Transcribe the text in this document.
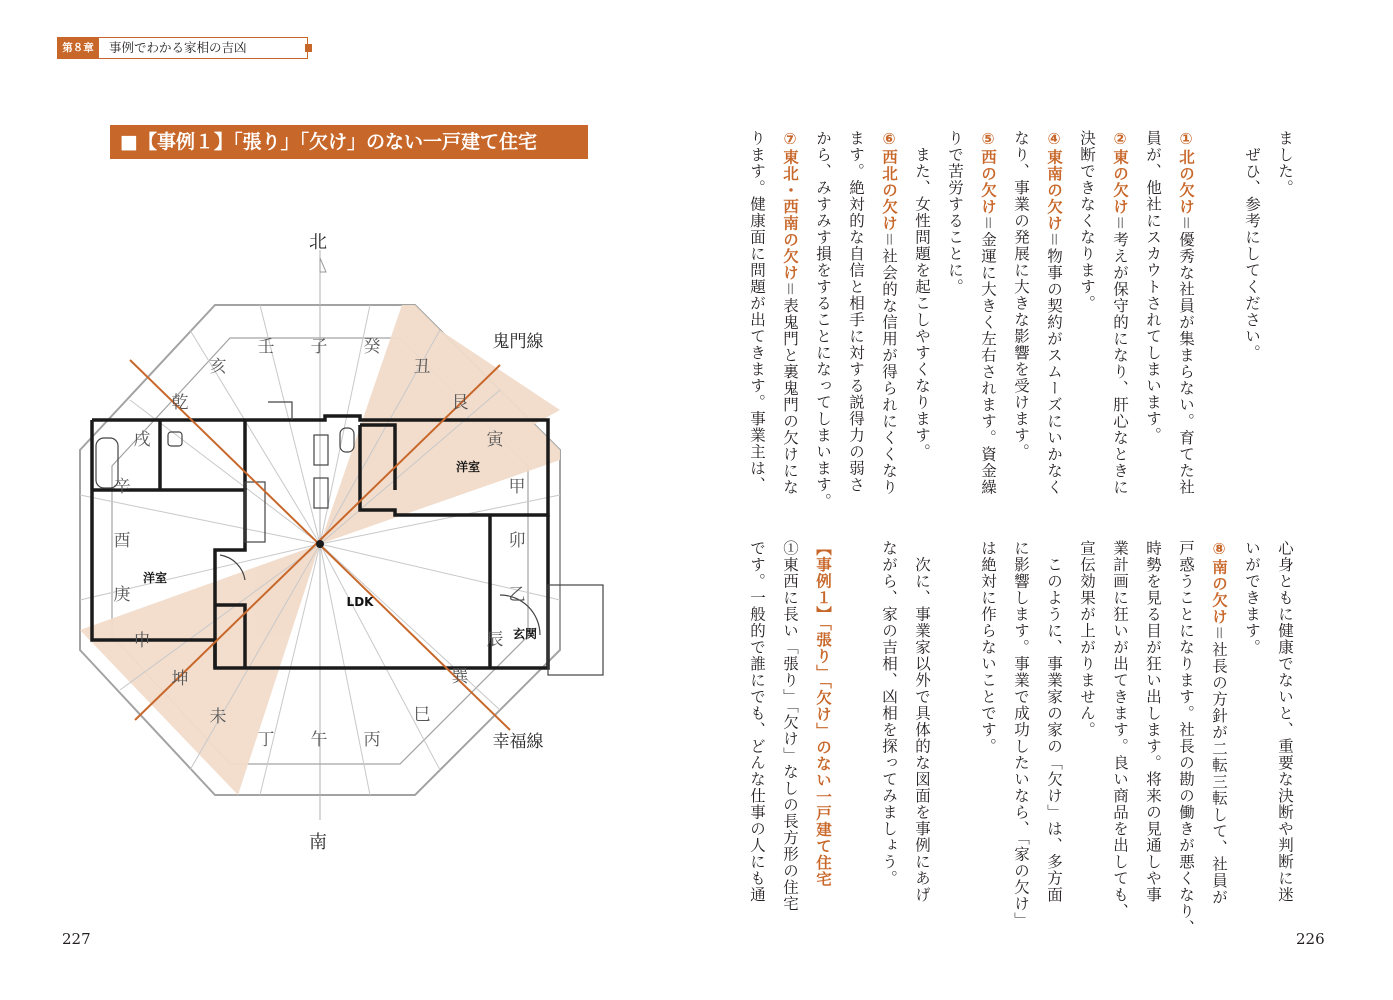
第８章	事例でわかる家相の吉凶
■【事例１】「張り」「欠け」のない一戸建て住宅
北
南
鬼門線
幸福線
壬 子 癸
丑
艮
寅
甲
卯
乙
辰
巽
巳
丙
午
丁
未
坤
申
庚
酉
辛
戌
乾
亥
LDK
洋室
洋室
玄関
227	226
ました。
　ぜひ、参考にしてください。

①北の欠け＝優秀な社員が集まらない。育てた社
員が、他社にスカウトされてしまいます。
②東の欠け＝考えが保守的になり、肝心なときに
決断できなくなります。
④東南の欠け＝物事の契約がスムーズにいかなく
なり、事業の発展に大きな影響を受けます。
⑤西の欠け＝金運に大きく左右されます。資金繰
りで苦労することに。
　また、女性問題を起こしやすくなります。
⑥西北の欠け＝社会的な信用が得られにくくなり
ます。絶対的な自信と相手に対する説得力の弱さ
から、みすみす損をすることになってしまいます。
⑦東北・西南の欠け＝表鬼門と裏鬼門の欠けにな
ります。健康面に問題が出てきます。事業主は、
心身ともに健康でないと、重要な決断や判断に迷
いができます。
⑧南の欠け＝社長の方針が二転三転して、社員が
戸惑うことになります。社長の勘の働きが悪くなり、
時勢を見る目が狂い出します。将来の見通しや事
業計画に狂いが出てきます。良い商品を出しても、
宣伝効果が上がりません。
　このように、事業家の家の「欠け」は、多方面
に影響します。事業で成功したいなら、「家の欠け」
は絶対に作らないことです。

　次に、事業家以外で具体的な図面を事例にあげ
ながら、家の吉相、凶相を探ってみましょう。

【事例１】「張り」「欠け」のない一戸建て住宅　
①東西に長い「張り」「欠け」なしの長方形の住宅
です。一般的で誰にでも、どんな仕事の人にも通
